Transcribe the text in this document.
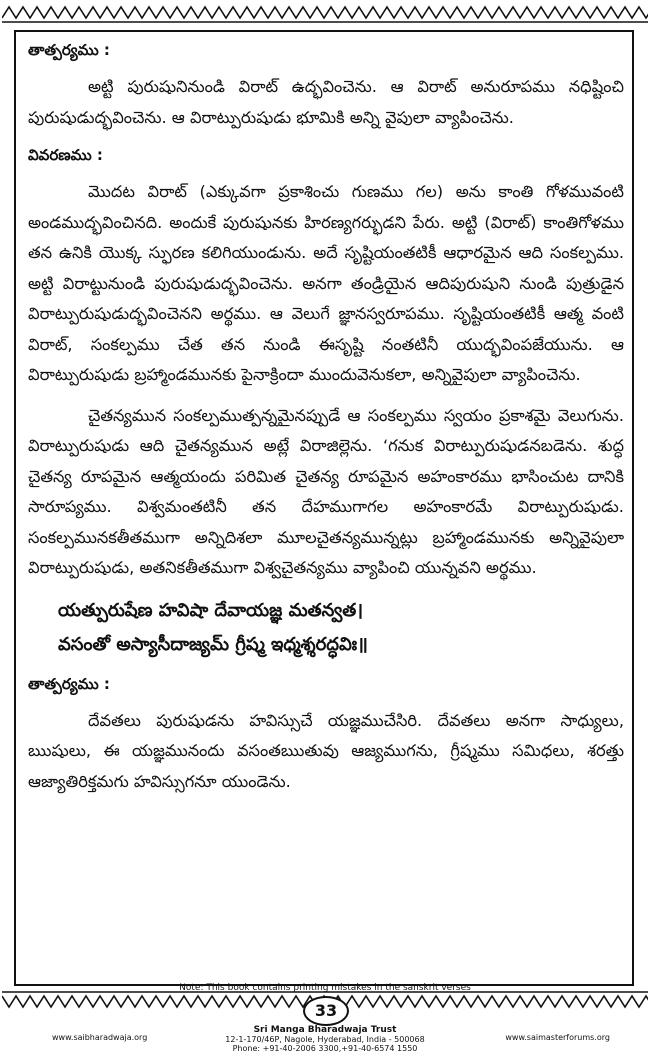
తాత్పర్యము :

అట్టి పురుషునినుండి విరాట్ ఉద్భవించెను. ఆ విరాట్ అనురూపము నధిష్టించి పురుషుడుద్భవించెను. ఆ విరాట్పురుషుడు భూమికి అన్ని వైపులా వ్యాపించెను.

వివరణము :

మొదట విరాట్ (ఎక్కువగా ప్రకాశించు గుణము గల) అను కాంతి గోళమువంటి అండముద్భవించినది. అందుకే పురుషునకు హిరణ్యగర్భుడని పేరు. అట్టి (విరాట్) కాంతిగోళము తన ఉనికి యొక్క స్ఫురణ కలిగియుండును. అదే సృష్టియంతటికీ ఆధారమైన ఆది సంకల్పము. అట్టి విరాట్టునుండి పురుషుడుద్భవించెను. అనగా తండ్రియైన ఆదిపురుషుని నుండి పుత్రుడైన విరాట్పురుషుడుద్భవించెనని అర్థము. ఆ వెలుగే జ్ఞానస్వరూపము. సృష్టియంతటికీ ఆత్మ వంటి విరాట్, సంకల్పము చేత తన నుండి ఈసృష్టి నంతటినీ యుద్భవింపజేయును. ఆ విరాట్పురుషుడు బ్రహ్మాండమునకు పైనాక్రిందా ముందువెనుకలా, అన్నివైపులా వ్యాపించెను.

చైతన్యమున సంకల్పముత్పన్నమైనప్పుడే ఆ సంకల్పము స్వయం ప్రకాశమై వెలుగును. విరాట్పురుషుడు ఆది చైతన్యమున అట్లే విరాజిల్లెను. ‘గనుక విరాట్పురుషుడనబడెను. శుద్ధ చైతన్య రూపమైన ఆత్మయందు పరిమిత చైతన్య రూపమైన అహంకారము భాసించుట దానికి సారూప్యము. విశ్వమంతటినీ తన దేహముగాగల అహంకారమే విరాట్పురుషుడు. సంకల్పమునకతీతముగా అన్నిదిశలా మూలచైతన్యమున్నట్లు బ్రహ్మాండమునకు అన్నివైపులా విరాట్పురుషుడు, అతనికతీతముగా విశ్వచైతన్యము వ్యాపించి యున్నవని అర్థము.

యత్పురుషేణ హవిషా దేవాయజ్ఞ మతన్వత।

వసంతో అస్యాసీదాజ్యమ్ గ్రీష్మ ఇధ్మశ్శరద్ధవిః॥

తాత్పర్యము :

దేవతలు పురుషుడను హవిస్సుచే యజ్ఞముచేసిరి. దేవతలు అనగా సాధ్యులు, ఋషులు, ఈ యజ్ఞమునందు వసంతఋతువు ఆజ్యముగను, గ్రీష్మము సమిధలు, శరత్తు ఆజ్యాతిరిక్తమగు హవిస్సుగనూ యుండెను.

Note: This book contains printing mistakes in the sanskrit verses
33
www.saibharadwaja.org
Sri Manga Bharadwaja Trust
12-1-170/46P, Nagole, Hyderabad, India - 500068
Phone: +91-40-2006 3300,+91-40-6574 1550
www.saimasterforums.org
